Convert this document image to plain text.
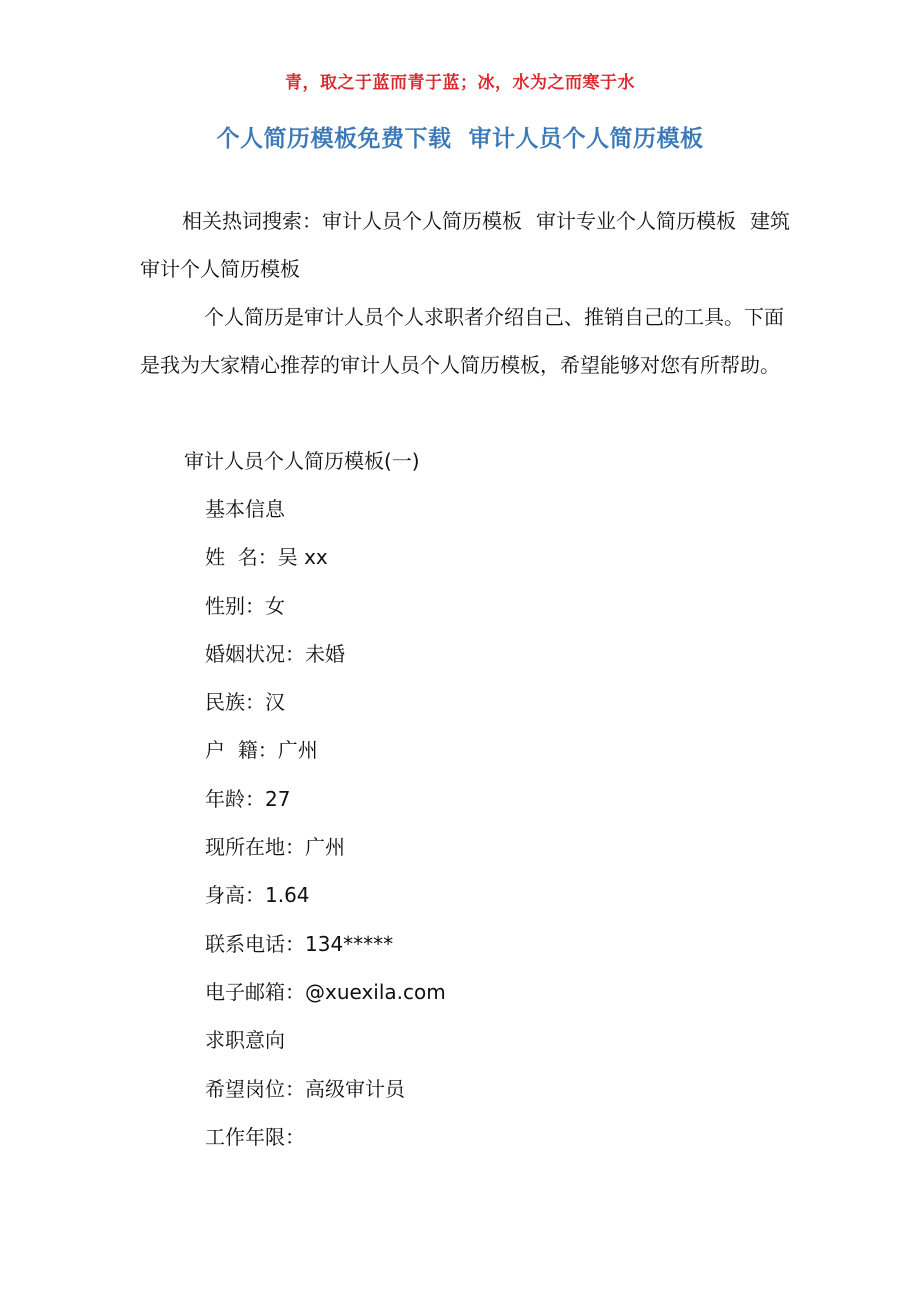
青，取之于蓝而青于蓝；冰，水为之而寒于水
个人简历模板免费下载  审计人员个人简历模板
相关热词搜索：审计人员个人简历模板 审计专业个人简历模板 建筑审计个人简历模板
个人简历是审计人员个人求职者介绍自己、推销自己的工具。下面是我为大家精心推荐的审计人员个人简历模板，希望能够对您有所帮助。
审计人员个人简历模板(一)
基本信息
姓  名：吴 xx
性别：女
婚姻状况：未婚
民族：汉
户  籍：广州
年龄：27
现所在地：广州
身高：1.64
联系电话：134*****
电子邮箱：@xuexila.com
求职意向
希望岗位：高级审计员
工作年限：
